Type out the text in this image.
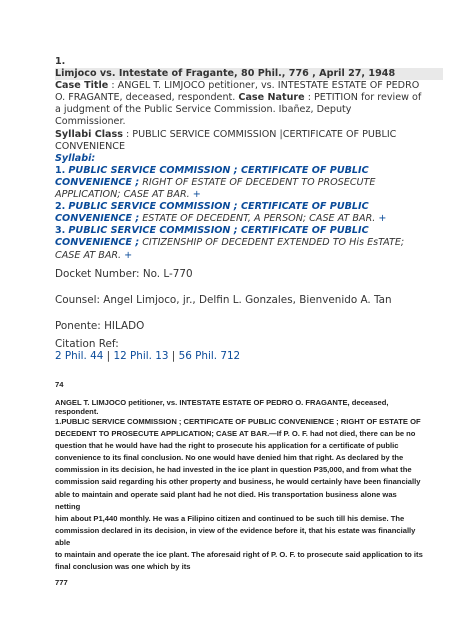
1.
Limjoco vs. Intestate of Fragante, 80 Phil., 776 , April 27, 1948
Case Title : ANGEL T. LIMJOCO petitioner, vs. INTESTATE ESTATE OF PEDRO O. FRAGANTE, deceased, respondent. Case Nature : PETITION for review of a judgment of the Public Service Commission. Ibañez, Deputy Commissioner.
Syllabi Class : PUBLIC SERVICE COMMISSION |CERTIFICATE OF PUBLIC CONVENIENCE
Syllabi:
1. PUBLIC SERVICE COMMISSION ; CERTIFICATE OF PUBLIC CONVENIENCE ; RIGHT OF ESTATE OF DECEDENT TO PROSECUTE APPLICATION; CASE AT BAR. +
2. PUBLIC SERVICE COMMISSION ; CERTIFICATE OF PUBLIC CONVENIENCE ; ESTATE OF DECEDENT, A PERSON; CASE AT BAR. +
3. PUBLIC SERVICE COMMISSION ; CERTIFICATE OF PUBLIC CONVENIENCE ; CITIZENSHIP OF DECEDENT EXTENDED TO His EsTATE; CASE AT BAR. +
Docket Number: No. L-770
Counsel: Angel Limjoco, jr., Delfin L. Gonzales, Bienvenido A. Tan
Ponente: HILADO
Citation Ref:
2 Phil. 44 | 12 Phil. 13 | 56 Phil. 712
74
ANGEL T. LIMJOCO petitioner, vs. INTESTATE ESTATE OF PEDRO O. FRAGANTE, deceased, respondent.
1.PUBLIC SERVICE COMMISSION ; CERTIFICATE OF PUBLIC CONVENIENCE ; RIGHT OF ESTATE OF
DECEDENT TO PROSECUTE APPLICATION; CASE AT BAR.—If P. O. F. had not died, there can be no
question that he would have had the right to prosecute his application for a certificate of public
convenience to its final conclusion. No one would have denied him that right. As declared by the
commission in its decision, he had invested in the ice plant in question P35,000, and from what the
commission said regarding his other property and business, he would certainly have been financially
able to maintain and operate said plant had he not died. His transportation business alone was netting
him about P1,440 monthly. He was a Filipino citizen and continued to be such till his demise. The
commission declared in its decision, in view of the evidence before it, that his estate was financially able
to maintain and operate the ice plant. The aforesaid right of P. O. F. to prosecute said application to its
final conclusion was one which by its
777
